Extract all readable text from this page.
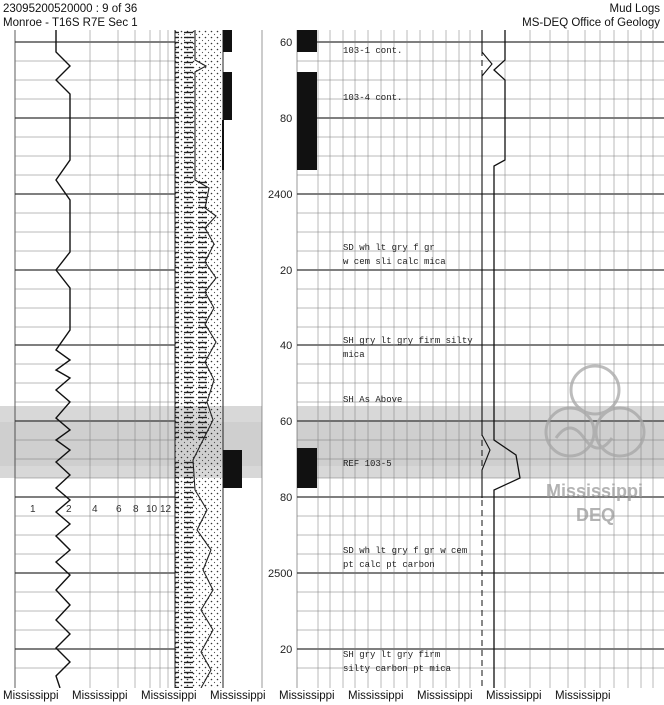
23095200520000 : 9 of 36
Monroe - T16S R7E Sec 1
Mud Logs
MS-DEQ Office of Geology
1	2 4 6 8 10 12
60
80
2400
20
40
60
80
2500
20
103-1 cont.
103-4 cont.
SD wh lt gry f gr w cem sli calc mica
SH gry lt gry firm silty mica
SH As Above
REF 103-5
SD wh lt gry f gr w cem pt calc pt carbon
SH gry lt gry firm silty carbon pt mica
Mississippi
DEQ
Mississippi Mississippi Mississippi Mississippi Mississippi Mississippi Mississippi Mississippi Mississippi
